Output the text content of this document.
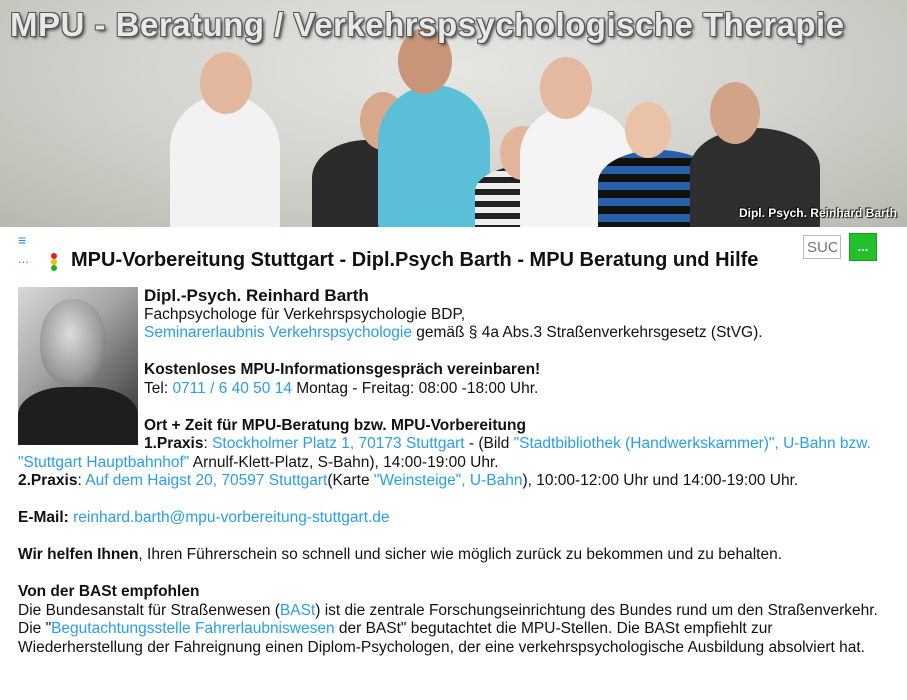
MPU - Beratung / Verkehrspsychologische Therapie
Dipl. Psych. Reinhard Barth
≡
... MPU-Vorbereitung Stuttgart - Dipl.Psych Barth - MPU Beratung und Hilfe
SUC
...

Dipl.-Psych. Reinhard Barth

Fachpsychologe für Verkehrspsychologie BDP,

Seminarerlaubnis Verkehrspsychologie gemäß § 4a Abs.3 Straßenverkehrsgesetz (StVG).

Kostenloses MPU-Informationsgespräch vereinbaren!

Tel: 0711 / 6 40 50 14 Montag - Freitag: 08:00 -18:00 Uhr.

Ort + Zeit für MPU-Beratung bzw. MPU-Vorbereitung

1.Praxis: Stockholmer Platz 1, 70173 Stuttgart - (Bild "Stadtbibliothek (Handwerkskammer)", U-Bahn bzw. "Stuttgart Hauptbahnhof" Arnulf-Klett-Platz, S-Bahn), 14:00-19:00 Uhr.

2.Praxis: Auf dem Haigst 20, 70597 Stuttgart(Karte "Weinsteige", U-Bahn), 10:00-12:00 Uhr und 14:00-19:00 Uhr.

E-Mail: reinhard.barth@mpu-vorbereitung-stuttgart.de

Wir helfen Ihnen, Ihren Führerschein so schnell und sicher wie möglich zurück zu bekommen und zu behalten.

Von der BASt empfohlen

Die Bundesanstalt für Straßenwesen (BASt) ist die zentrale Forschungseinrichtung des Bundes rund um den Straßenverkehr. Die "Begutachtungsstelle Fahrerlaubniswesen der BASt" begutachtet die MPU-Stellen. Die BASt empfiehlt zur Wiederherstellung der Fahreignung einen Diplom-Psychologen, der eine verkehrspsychologische Ausbildung absolviert hat.
